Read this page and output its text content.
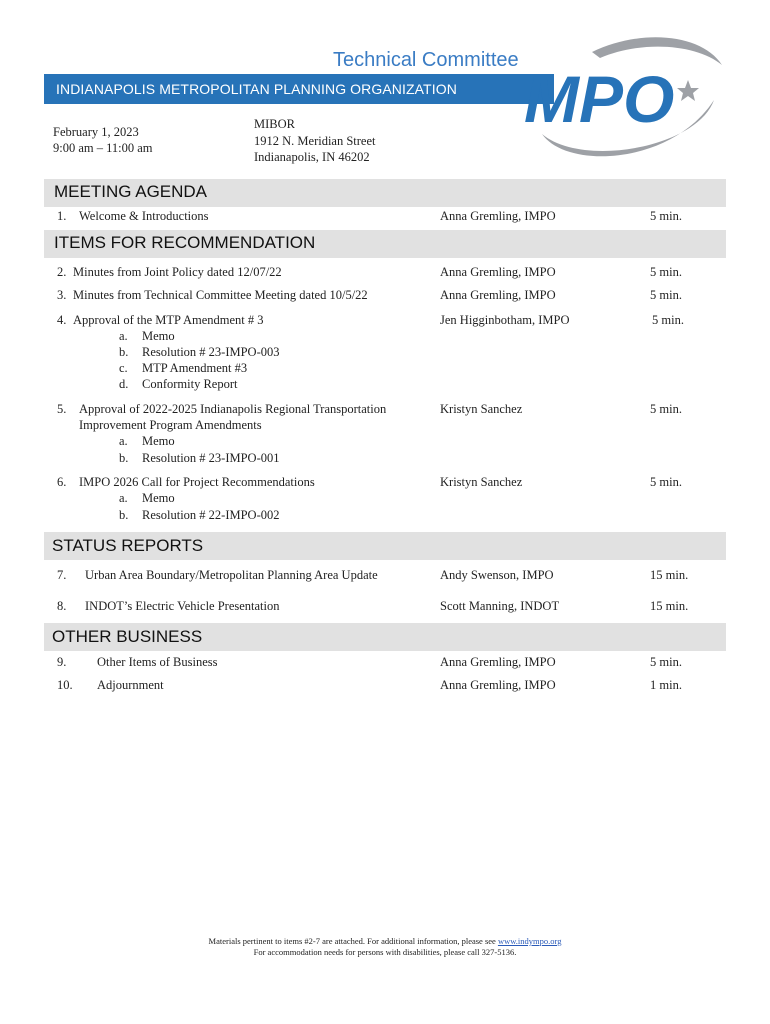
Technical Committee
INDIANAPOLIS METROPOLITAN PLANNING ORGANIZATION MPO
February 1, 2023
9:00 am – 11:00 am
MIBOR
1912 N. Meridian Street
Indianapolis, IN 46202
MEETING AGENDA
1. Welcome & Introductions	Anna Gremling, IMPO	5 min.
ITEMS FOR RECOMMENDATION
2. Minutes from Joint Policy dated 12/07/22	Anna Gremling, IMPO	5 min.
3. Minutes from Technical Committee Meeting dated 10/5/22	Anna Gremling, IMPO	5 min.
4. Approval of the MTP Amendment # 3	Jen Higginbotham, IMPO	5 min.
a. Memo
b. Resolution # 23-IMPO-003
c. MTP Amendment #3
d. Conformity Report
5. Approval of 2022-2025 Indianapolis Regional Transportation
Improvement Program Amendments
Kristyn Sanchez	5 min.
a. Memo
b. Resolution # 23-IMPO-001
6. IMPO 2026 Call for Project Recommendations	Kristyn Sanchez	5 min.
a. Memo
b. Resolution # 22-IMPO-002
STATUS REPORTS
7. Urban Area Boundary/Metropolitan Planning Area Update	Andy Swenson, IMPO	15 min.
8. INDOT’s Electric Vehicle Presentation	Scott Manning, INDOT	15 min.
OTHER BUSINESS
9. Other Items of Business	Anna Gremling, IMPO	5 min.
10. Adjournment	Anna Gremling, IMPO	1 min.
Materials pertinent to items #2-7 are attached. For additional information, please see www.indympo.org
For accommodation needs for persons with disabilities, please call 327-5136.
